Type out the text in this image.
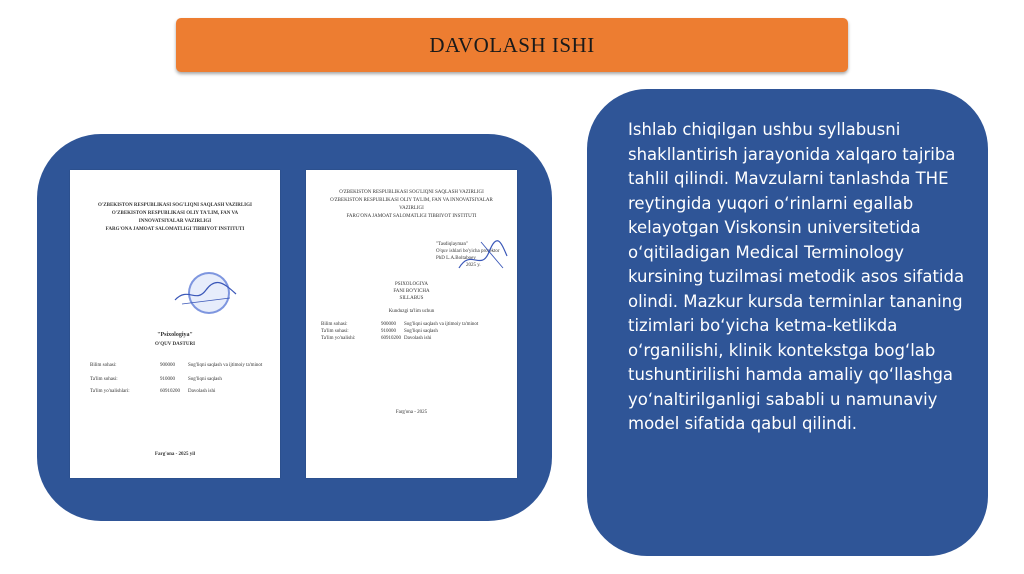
DAVOLASH ISHI
O'ZBEKISTON RESPUBLIKASI SOG'LIQNI SAQLASH VAZIRLIGI
O'ZBEKISTON RESPUBLIKASI OLIY TA'LIM, FAN VA
INNOVATSIYALAR VAZIRLIGI
FARG'ONA JAMOAT SALOMATLIGI TIBBIYOT INSTITUTI
"Psixologiya"
O'QUV DASTURI
Bilim sohasi:	900000	Sog'liqni saqlash va ijtimoiy ta'minot
Ta'lim sohasi:	910000	Sog'liqni saqlash
Ta'lim yo'nalishlari:	60910200 Davolash ishi
Farg'ona - 2025 yil
O'ZBEKISTON RESPUBLIKASI SOG'LIQNI SAQLASH VAZIRLIGI
O'ZBEKISTON RESPUBLIKASI OLIY TA'LIM, FAN VA INNOVATSIYALAR
VAZIRLIGI
FARG'ONA JAMOAT SALOMATLIGI TIBBIYOT INSTITUTI
"Tasdiqlayman"
O'quv ishlari bo'yicha prorektor
PhD L.A.Boltaboev
2025 y.
PSIXOLOGIYA
FANI BO'YICHA
SILLABUS
Kunduzgi ta'lim uchun
Bilim sohasi:	900000 Sog'liqni saqlash va ijtimoiy ta'minot
Ta'lim sohasi:	910000 Sog'liqni saqlash
Ta'lim yo'nalishi:	60910200 Davolash ishi
Farg'ona - 2025
Ishlab chiqilgan ushbu syllabusni shakllantirish jarayonida xalqaro tajriba tahlil qilindi. Mavzularni tanlashda THE reytingida yuqori o‘rinlarni egallab kelayotgan Viskonsin universitetida o‘qitiladigan Medical Terminology kursining tuzilmasi metodik asos sifatida olindi. Mazkur kursda terminlar tananing tizimlari bo‘yicha ketma-ketlikda o‘rganilishi, klinik kontekstga bog‘lab tushuntirilishi hamda amaliy qo‘llashga yo‘naltirilganligi sababli u namunaviy model sifatida qabul qilindi.
